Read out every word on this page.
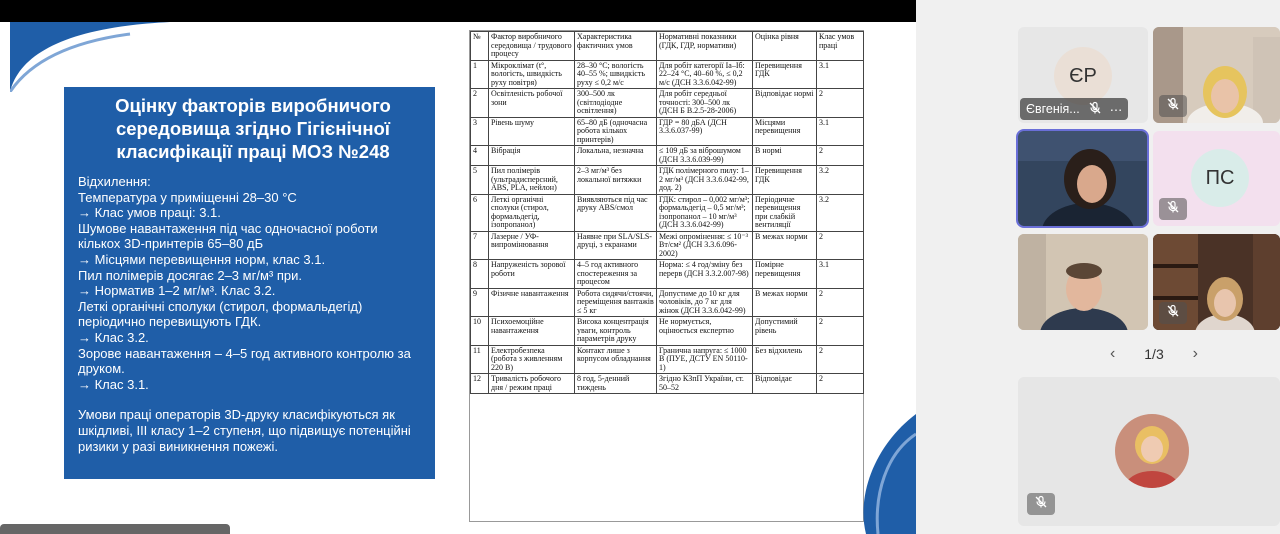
Оцінку факторів виробничого середовища згідно Гігієнічної класифікації праці МОЗ №248

Відхилення:

Температура у приміщенні 28–30 °С

→ Клас умов праці: 3.1.

Шумове навантаження під час одночасної роботи кількох 3D-принтерів 65–80 дБ

→ Місцями перевищення норм, клас 3.1.

Пил полімерів досягає 2–3 мг/м³ при.

→ Норматив 1–2 мг/м³. Клас 3.2.

Леткі органічні сполуки (стирол, формальдегід) періодично перевищують ГДК.

→ Клас 3.2.

Зорове навантаження – 4–5 год активного контролю за друком.

→ Клас 3.1.

Умови праці операторів 3D-друку класифікуються як шкідливі, ІІІ класу 1–2 ступеня, що підвищує потенційні ризики у разі виникнення пожежі.

№	Фактор виробничого середовища / трудового процесу	Характеристика фактичних умов	Нормативні показники (ГДК, ГДР, нормативи)	Оцінка рівня	Клас умов праці
1	Мікроклімат (t°, вологість, швидкість руху повітря)	28–30 °С; вологість 40–55 %; швидкість руху ≤ 0,2 м/с	Для робіт категорії Іа–Іб: 22–24 °С, 40–60 %, ≤ 0,2 м/с (ДСН 3.3.6.042-99)	Перевищення ГДК	3.1
2	Освітленість робочої зони	300–500 лк (світлодіодне освітлення)	Для робіт середньої точності: 300–500 лк (ДСН Б В.2.5-28-2006)	Відповідає нормі	2
3	Рівень шуму	65–80 дБ (одночасна робота кількох принтерів)	ГДР = 80 дБА (ДСН 3.3.6.037-99)	Місцями перевищення	3.1
4	Вібрація	Локальна, незначна	≤ 109 дБ за віброшумом (ДСН 3.3.6.039-99)	В нормі	2
5	Пил полімерів (ультрадисперсний, ABS, PLA, нейлон)	2–3 мг/м³ без локальної витяжки	ГДК полімерного пилу: 1–2 мг/м³ (ДСН 3.3.6.042-99, дод. 2)	Перевищення ГДК	3.2
6	Леткі органічні сполуки (стирол, формальдегід, ізопропанол)	Виявляються під час друку ABS/смол	ГДК: стирол – 0,002 мг/м³; формальдегід – 0,5 мг/м³; ізопропанол – 10 мг/м³ (ДСН 3.3.6.042-99)	Періодичне перевищення при слабкій вентиляції	3.2
7	Лазерне / УФ-випромінювання	Наявне при SLA/SLS-друці, з екранами	Межі опромінення: ≤ 10⁻³ Вт/см² (ДСН 3.3.6.096-2002)	В межах норми	2
8	Напруженість зорової роботи	4–5 год активного спостереження за процесом	Норма: ≤ 4 год/зміну без перерв (ДСН 3.3.2.007-98)	Помірне перевищення	3.1
9	Фізичне навантаження	Робота сидячи/стоячи, переміщення вантажів ≤ 5 кг	Допустиме до 10 кг для чоловіків, до 7 кг для жінок (ДСН 3.3.6.042-99)	В межах норми	2
10	Психоемоційне навантаження	Висока концентрація уваги, контроль параметрів друку	Не нормується, оцінюється експертно	Допустимий рівень	2
11	Електробезпека (робота з живленням 220 В)	Контакт лише з корпусом обладнання	Гранична напруга: ≤ 1000 В (ПУЕ, ДСТУ EN 50110-1)	Без відхилень	2
12	Тривалість робочого дня / режим праці	8 год, 5-денний тиждень	Згідно КЗпП України, ст. 50–52	Відповідає	2
ЄР
Євгенія... ⋯
ПС
‹ 1/3 ›
